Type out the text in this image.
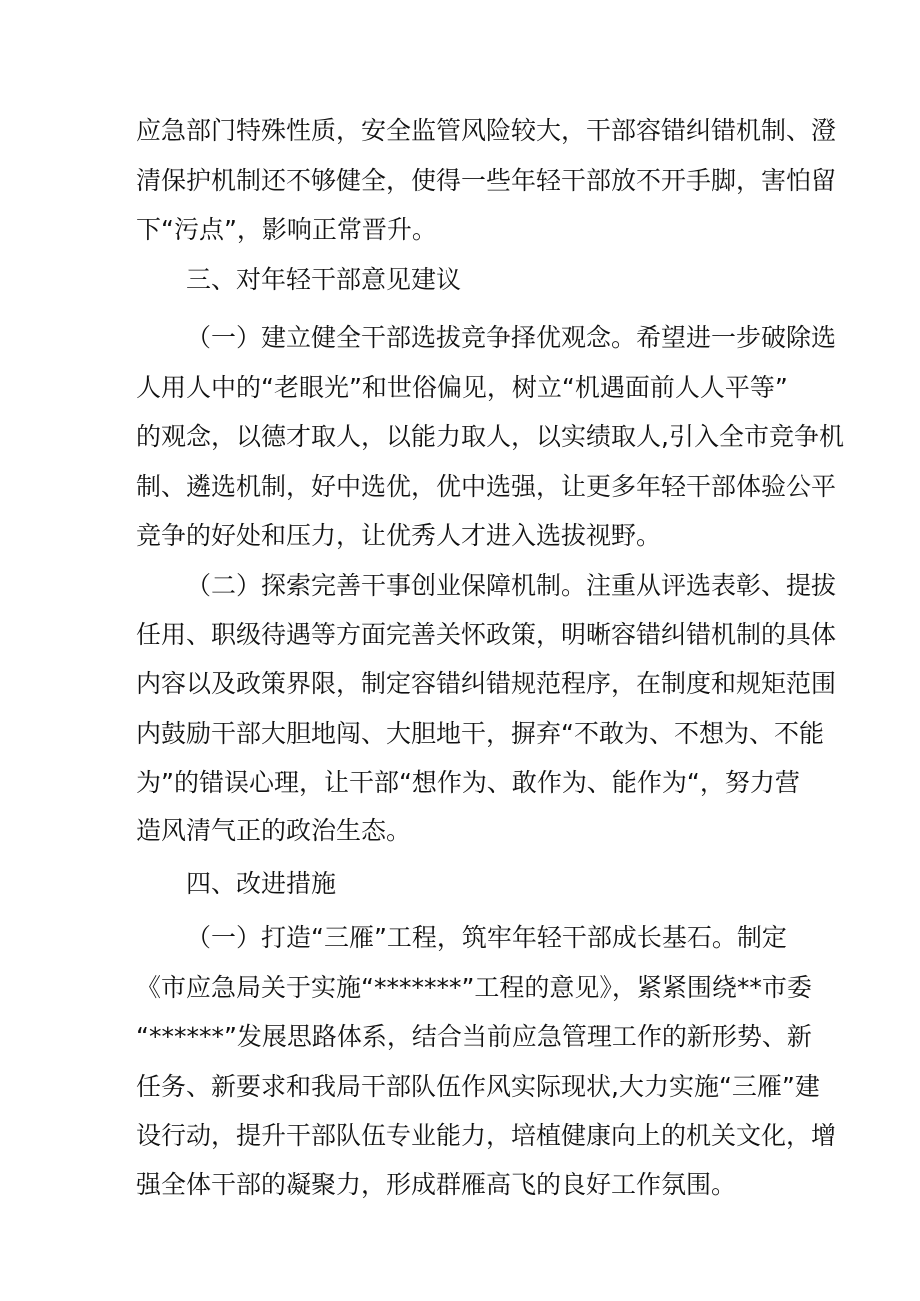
应急部门特殊性质，安全监管风险较大，干部容错纠错机制、澄
清保护机制还不够健全，使得一些年轻干部放不开手脚，害怕留
下“污点”，影响正常晋升。
三、对年轻干部意见建议
（一）建立健全干部选拔竞争择优观念。希望进一步破除选
人用人中的“老眼光”和世俗偏见，树立“机遇面前人人平等”
的观念，以德才取人，以能力取人，以实绩取人,引入全市竞争机
制、遴选机制，好中选优，优中选强，让更多年轻干部体验公平
竞争的好处和压力，让优秀人才进入选拔视野。
（二）探索完善干事创业保障机制。注重从评选表彰、提拔
任用、职级待遇等方面完善关怀政策，明晰容错纠错机制的具体
内容以及政策界限，制定容错纠错规范程序，在制度和规矩范围
内鼓励干部大胆地闯、大胆地干，摒弃“不敢为、不想为、不能
为”的错误心理，让干部“想作为、敢作为、能作为“，努力营
造风清气正的政治生态。
四、改进措施
（一）打造“三雁”工程，筑牢年轻干部成长基石。制定
《市应急局关于实施“*******”工程的意见》，紧紧围绕**市委
“******”发展思路体系，结合当前应急管理工作的新形势、新
任务、新要求和我局干部队伍作风实际现状,大力实施“三雁”建
设行动，提升干部队伍专业能力，培植健康向上的机关文化，增
强全体干部的凝聚力，形成群雁高飞的良好工作氛围。
